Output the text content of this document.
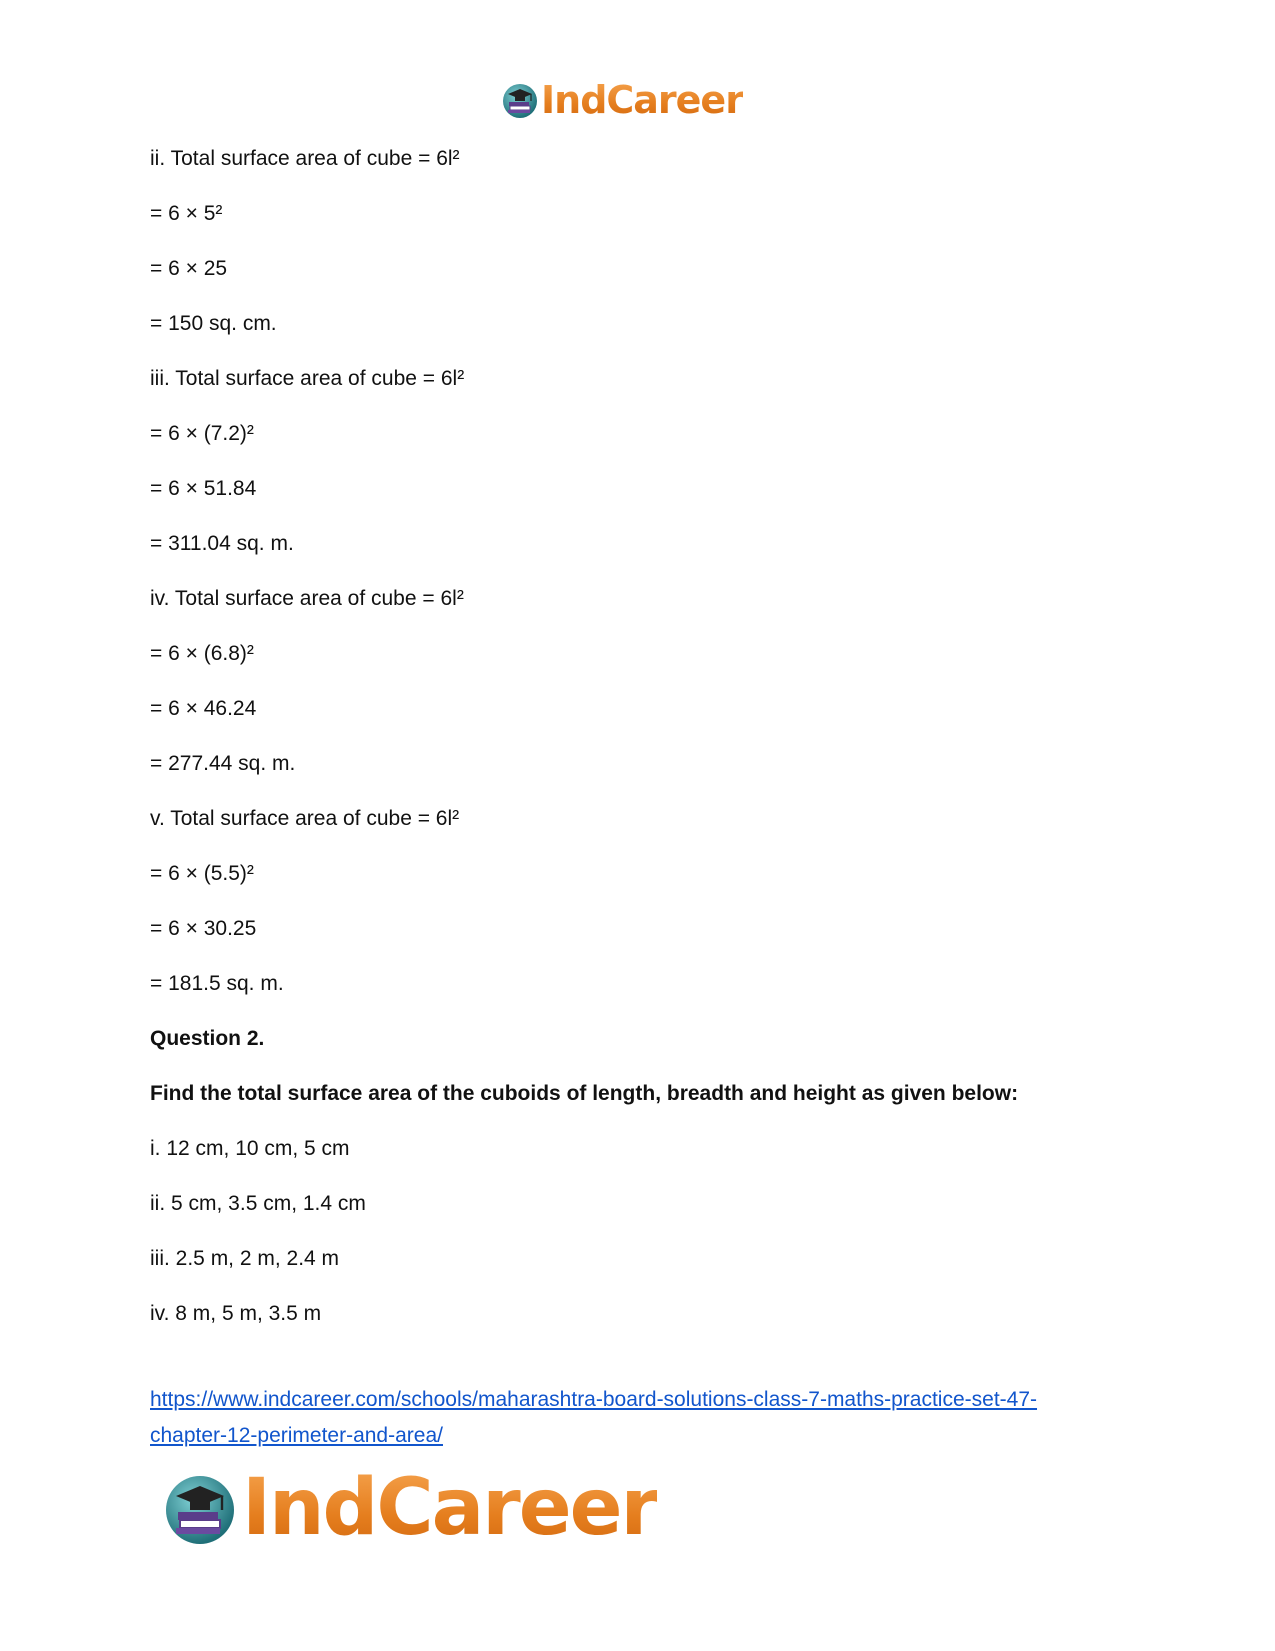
IndCareer

ii. Total surface area of cube = 6l²

= 6 × 5²

= 6 × 25

= 150 sq. cm.

iii. Total surface area of cube = 6l²

= 6 × (7.2)²

= 6 × 51.84

= 311.04 sq. m.

iv. Total surface area of cube = 6l²

= 6 × (6.8)²

= 6 × 46.24

= 277.44 sq. m.

v. Total surface area of cube = 6l²

= 6 × (5.5)²

= 6 × 30.25

= 181.5 sq. m.

Question 2.

Find the total surface area of the cuboids of length, breadth and height as given below:

i. 12 cm, 10 cm, 5 cm

ii. 5 cm, 3.5 cm, 1.4 cm

iii. 2.5 m, 2 m, 2.4 m

iv. 8 m, 5 m, 3.5 m

https://www.indcareer.com/schools/maharashtra-board-solutions-class-7-maths-practice-set-47-
chapter-12-perimeter-and-area/
IndCareer
